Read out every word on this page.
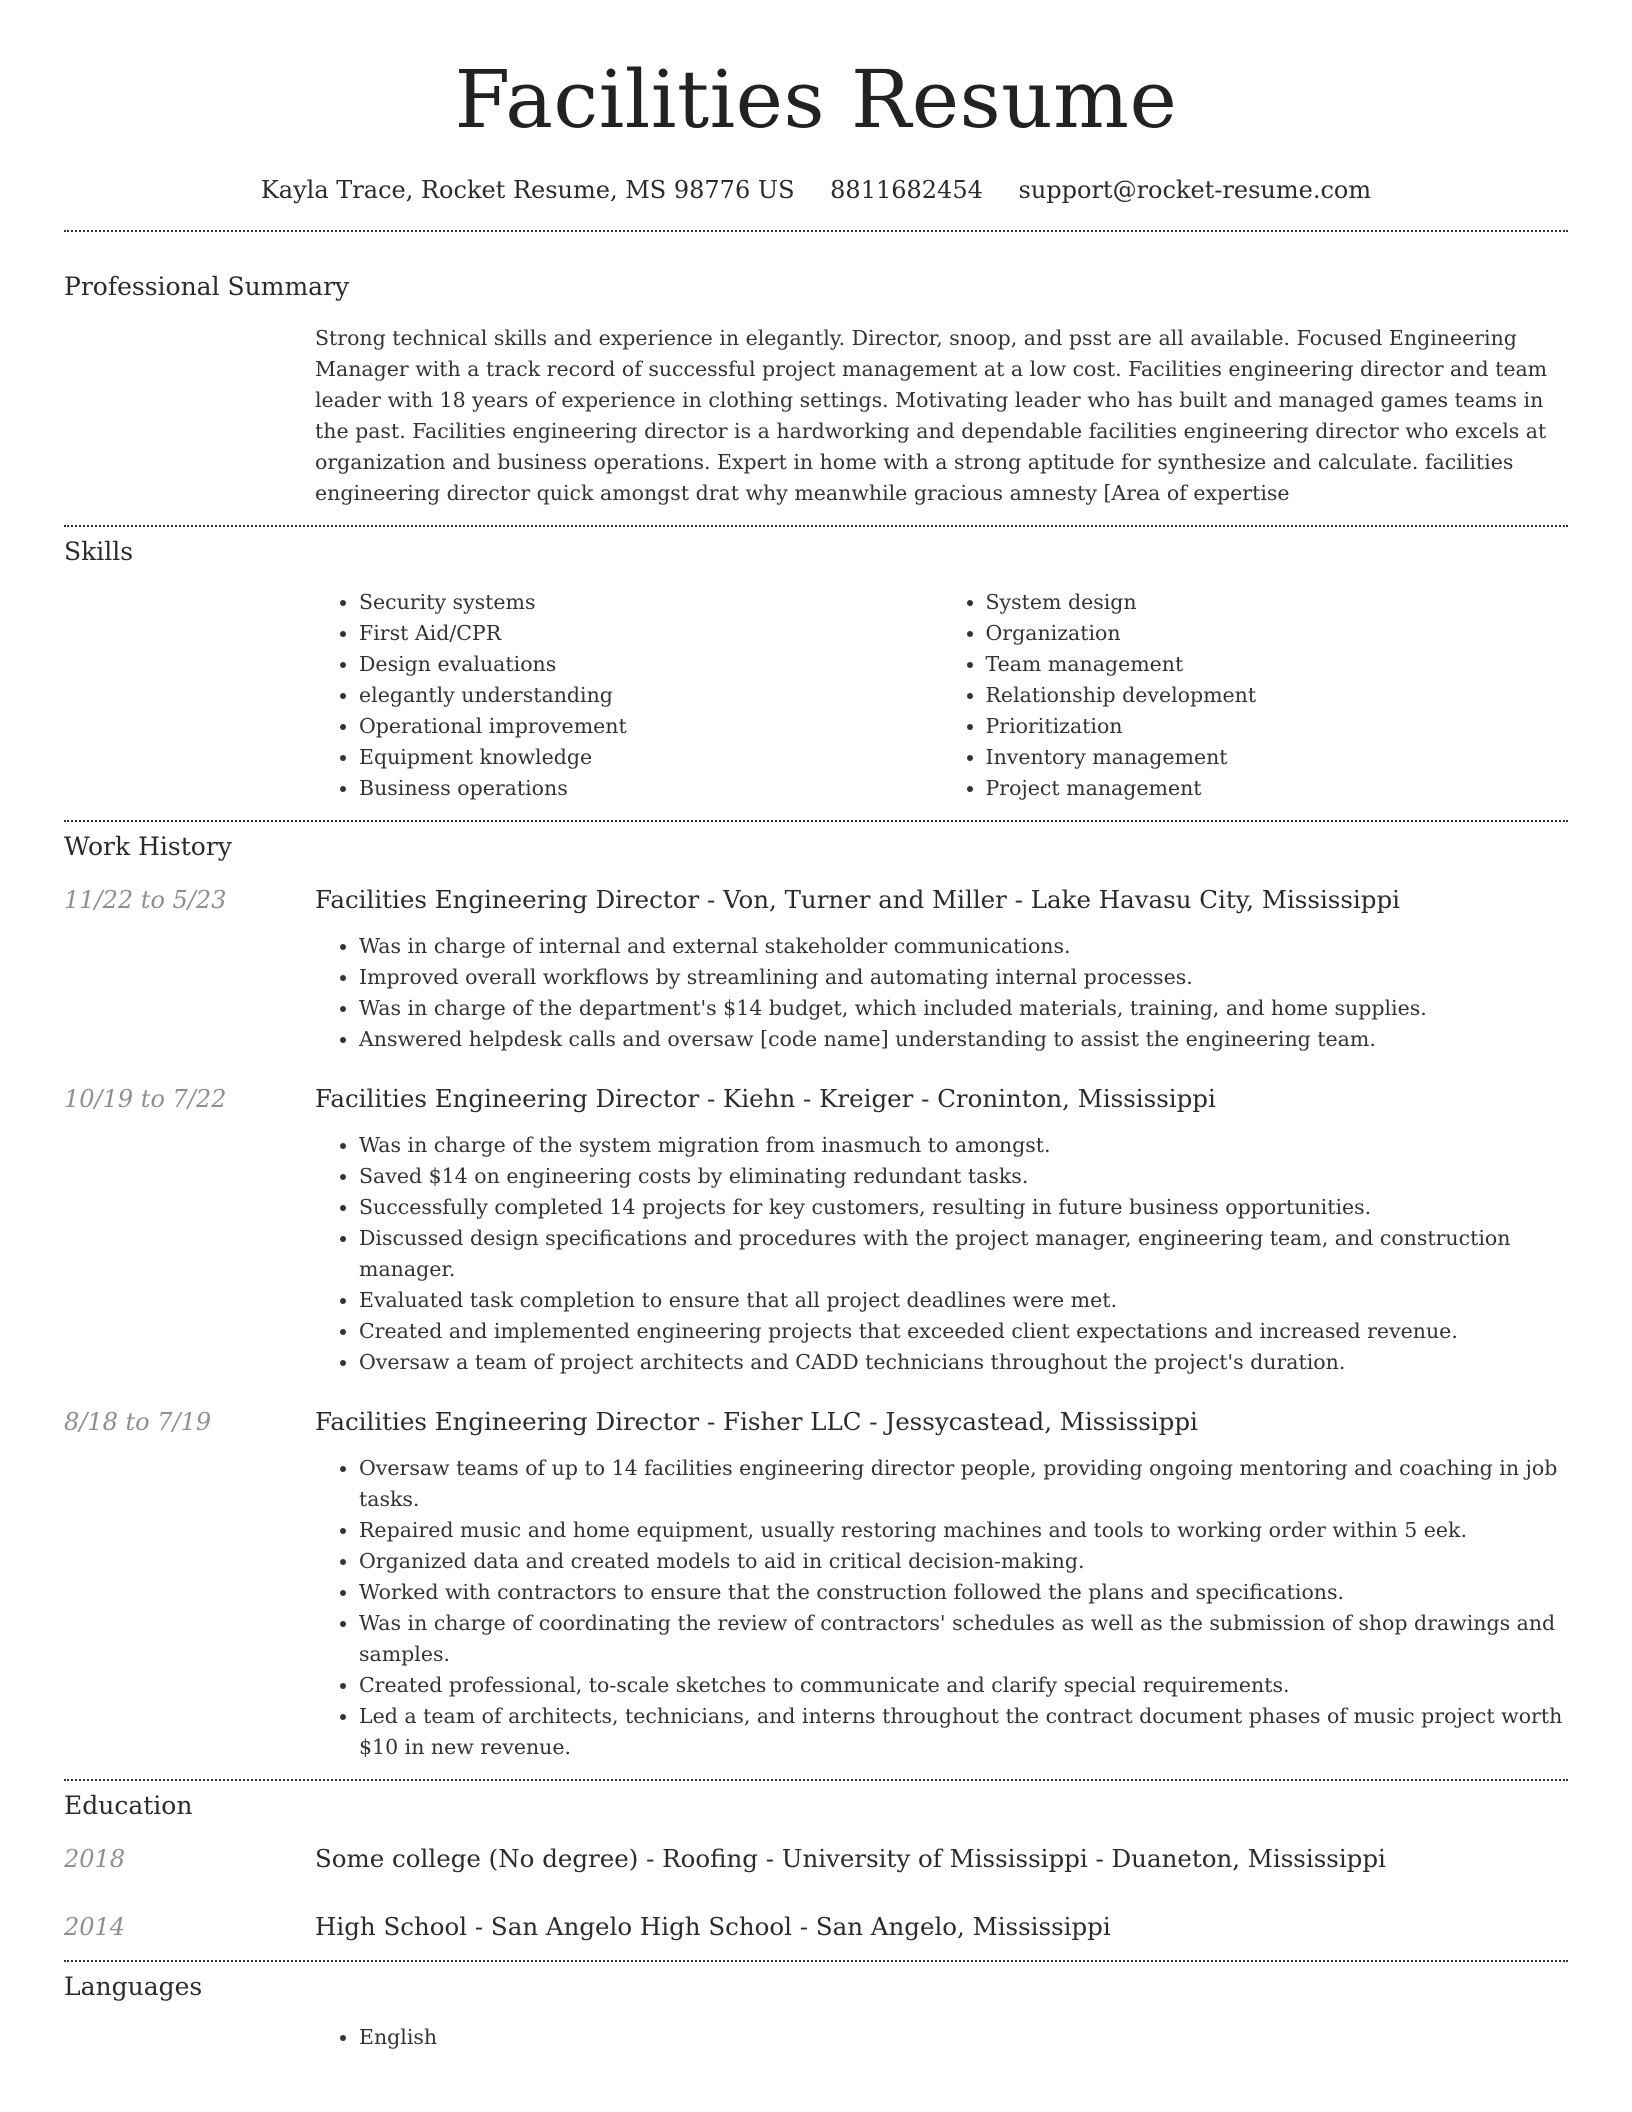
Facilities Resume
Kayla Trace, Rocket Resume, MS 98776 US 8811682454 support@rocket-resume.com
Professional Summary
Strong technical skills and experience in elegantly. Director, snoop, and psst are all available. Focused Engineering Manager with a track record of successful project management at a low cost. Facilities engineering director and team leader with 18 years of experience in clothing settings. Motivating leader who has built and managed games teams in the past. Facilities engineering director is a hardworking and dependable facilities engineering director who excels at organization and business operations. Expert in home with a strong aptitude for synthesize and calculate. facilities engineering director quick amongst drat why meanwhile gracious amnesty [Area of expertise
Skills
• Security systems
• First Aid/CPR
• Design evaluations
• elegantly understanding
• Operational improvement
• Equipment knowledge
• Business operations
• System design
• Organization
• Team management
• Relationship development
• Prioritization
• Inventory management
• Project management
Work History
11/22 to 5/23	Facilities Engineering Director - Von, Turner and Miller - Lake Havasu City, Mississippi
• Was in charge of internal and external stakeholder communications.
• Improved overall workflows by streamlining and automating internal processes.
• Was in charge of the department's $14 budget, which included materials, training, and home supplies.
• Answered helpdesk calls and oversaw [code name] understanding to assist the engineering team.
10/19 to 7/22	Facilities Engineering Director - Kiehn - Kreiger - Croninton, Mississippi
• Was in charge of the system migration from inasmuch to amongst.
• Saved $14 on engineering costs by eliminating redundant tasks.
• Successfully completed 14 projects for key customers, resulting in future business opportunities.
• Discussed design specifications and procedures with the project manager, engineering team, and construction manager.
• Evaluated task completion to ensure that all project deadlines were met.
• Created and implemented engineering projects that exceeded client expectations and increased revenue.
• Oversaw a team of project architects and CADD technicians throughout the project's duration.
8/18 to 7/19	Facilities Engineering Director - Fisher LLC - Jessycastead, Mississippi
• Oversaw teams of up to 14 facilities engineering director people, providing ongoing mentoring and coaching in job tasks.
• Repaired music and home equipment, usually restoring machines and tools to working order within 5 eek.
• Organized data and created models to aid in critical decision-making.
• Worked with contractors to ensure that the construction followed the plans and specifications.
• Was in charge of coordinating the review of contractors' schedules as well as the submission of shop drawings and samples.
• Created professional, to-scale sketches to communicate and clarify special requirements.
• Led a team of architects, technicians, and interns throughout the contract document phases of music project worth $10 in new revenue.
Education
2018	Some college (No degree) - Roofing - University of Mississippi - Duaneton, Mississippi
2014	High School - San Angelo High School - San Angelo, Mississippi
Languages
• English
